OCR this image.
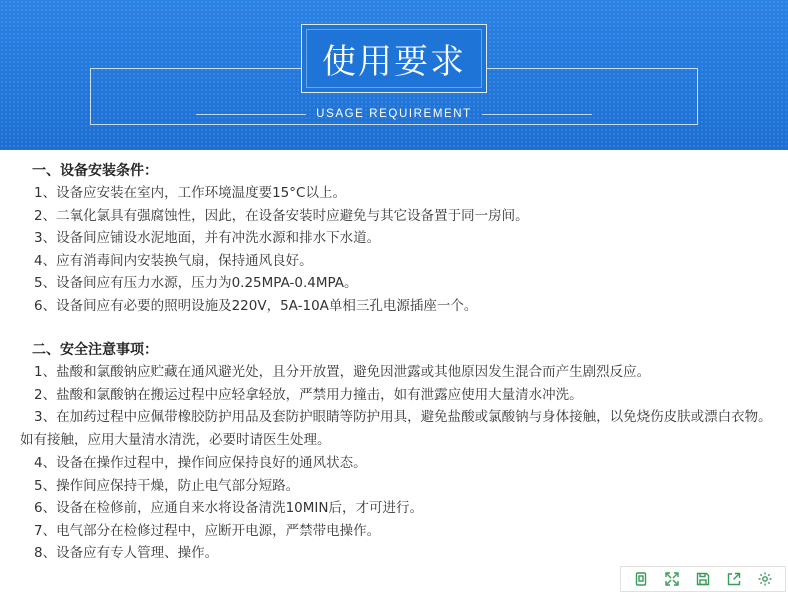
使用要求
USAGE REQUIREMENT
一、设备安装条件：
1、设备应安装在室内，工作环境温度要15°C以上。
2、二氧化氯具有强腐蚀性，因此，在设备安装时应避免与其它设备置于同一房间。
3、设备间应铺设水泥地面，并有冲洗水源和排水下水道。
4、应有消毒间内安装换气扇，保持通风良好。
5、设备间应有压力水源，压力为0.25MPA-0.4MPA。
6、设备间应有必要的照明设施及220V，5A-10A单相三孔电源插座一个。
二、安全注意事项：
1、盐酸和氯酸钠应贮藏在通风避光处，且分开放置，避免因泄露或其他原因发生混合而产生剧烈反应。
2、盐酸和氯酸钠在搬运过程中应轻拿轻放，严禁用力撞击，如有泄露应使用大量清水冲洗。
3、在加药过程中应佩带橡胶防护用品及套防护眼睛等防护用具，避免盐酸或氯酸钠与身体接触，以免烧伤皮肤或漂白衣物。如有接触，应用大量清水清洗，必要时请医生处理。
4、设备在操作过程中，操作间应保持良好的通风状态。
5、操作间应保持干燥，防止电气部分短路。
6、设备在检修前，应通自来水将设备清洗10MIN后，才可进行。
7、电气部分在检修过程中，应断开电源，严禁带电操作。
8、设备应有专人管理、操作。
